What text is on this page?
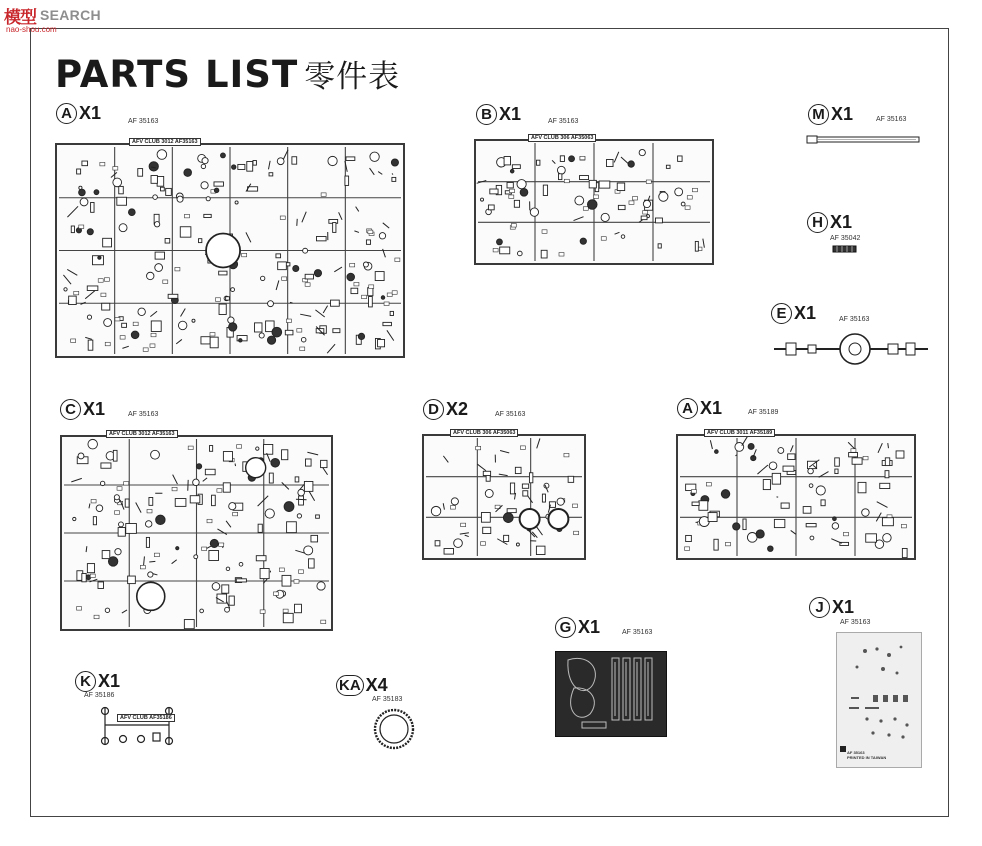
模型 SEARCH
nao-shou.com
PARTS LIST 零件表
A X1	AF 35163
AFV CLUB 3012 AF35163
B X1	AF 35163
AFV CLUB 306 AF35063
M X1	AF 35163
H X1
AF 35042
E X1	AF 35163
C X1	AF 35163
AFV CLUB 3012 AF35163
D X2	AF 35163
AFV CLUB 306 AF35063
A X1	AF 35189
AFV CLUB 3011 AF35189
J X1
AF 35163
AF 35163
PRINTED IN TAIWAN
G X1	AF 35163
K X1
AF 35186
AFV CLUB AF35186
KA X4
AF 35183
